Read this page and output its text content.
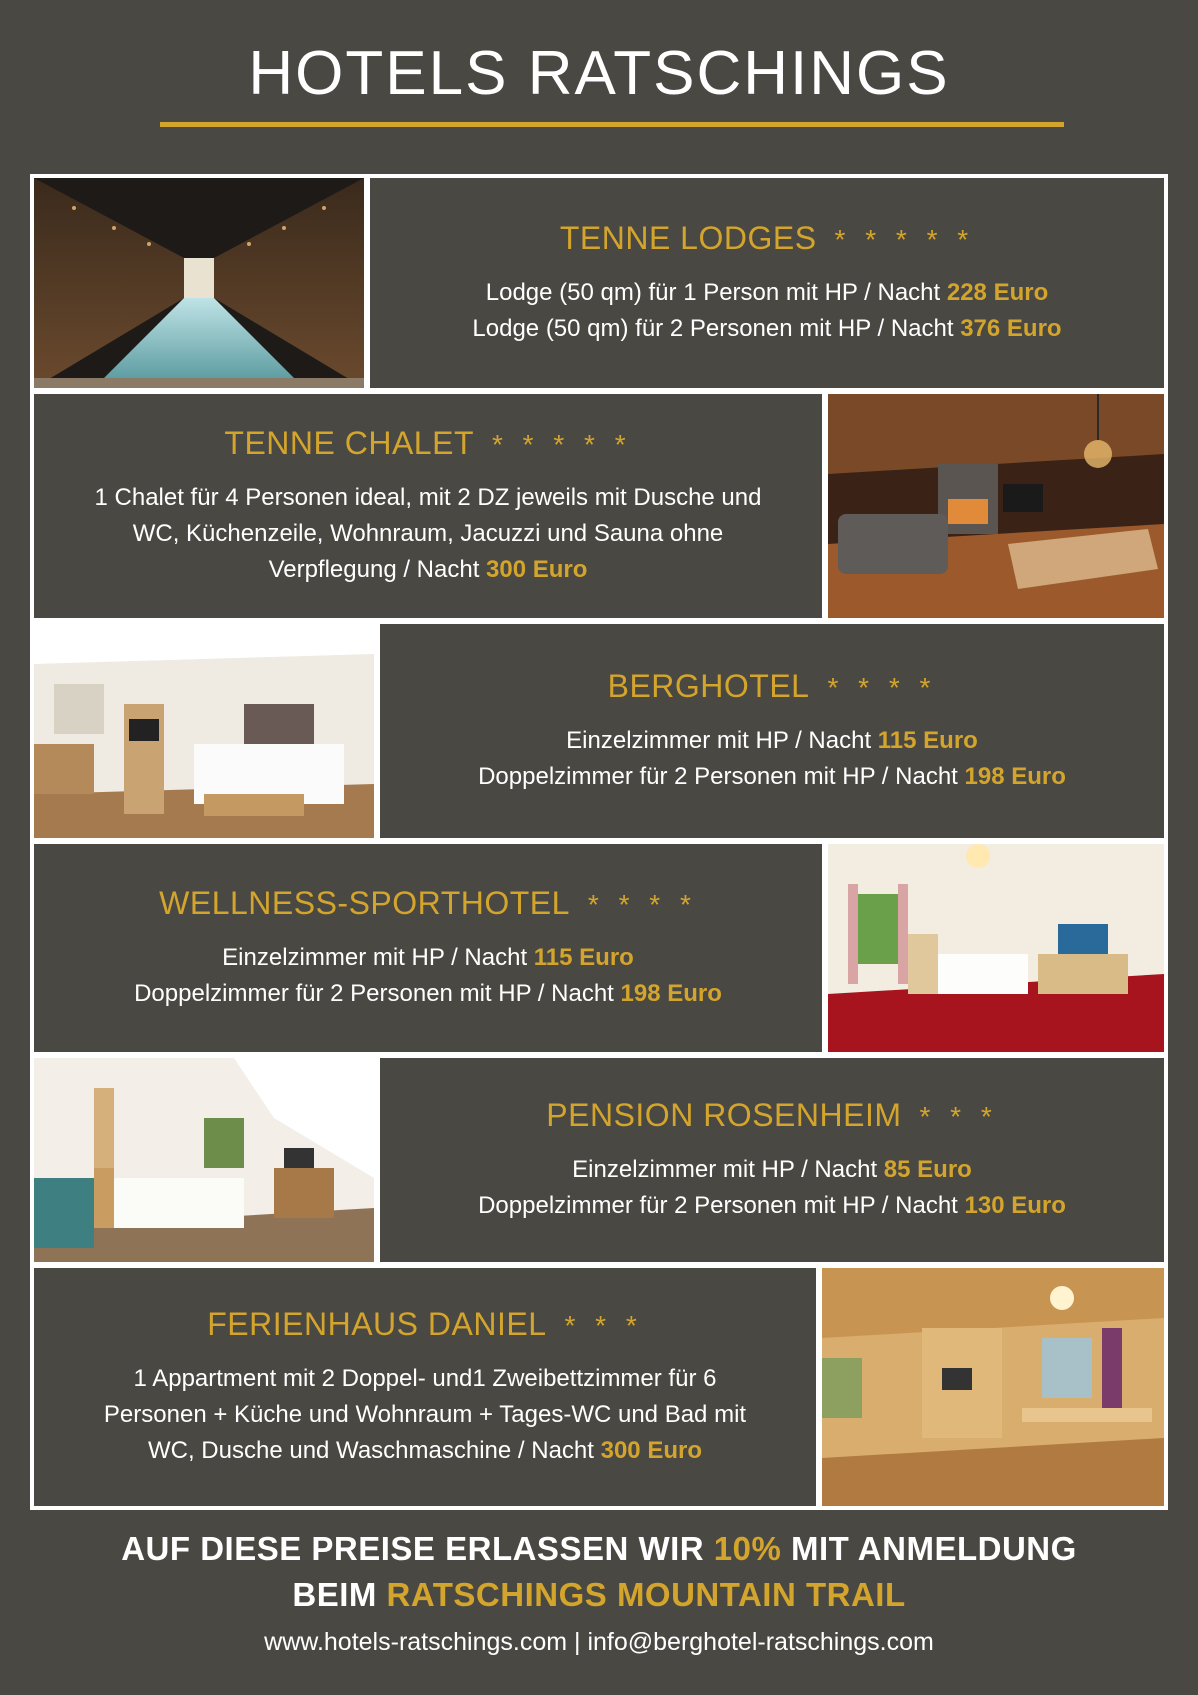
HOTELS RATSCHINGS
TENNE LODGES * * * * *

Lodge (50 qm) für 1 Person mit HP / Nacht 228 Euro

Lodge (50 qm) für 2 Personen mit HP / Nacht 376 Euro

TENNE CHALET * * * * *

1 Chalet für 4 Personen ideal, mit 2 DZ jeweils mit Dusche und

WC, Küchenzeile, Wohnraum, Jacuzzi und Sauna ohne

Verpflegung / Nacht 300 Euro

BERGHOTEL * * * *

Einzelzimmer mit HP / Nacht 115 Euro

Doppelzimmer für 2 Personen mit HP / Nacht 198 Euro

WELLNESS-SPORTHOTEL * * * *

Einzelzimmer mit HP / Nacht 115 Euro

Doppelzimmer für 2 Personen mit HP / Nacht 198 Euro

PENSION ROSENHEIM * * *

Einzelzimmer mit HP / Nacht 85 Euro

Doppelzimmer für 2 Personen mit HP / Nacht 130 Euro

FERIENHAUS DANIEL * * *

1 Appartment mit 2 Doppel- und1 Zweibettzimmer für 6

Personen + Küche und Wohnraum + Tages-WC und Bad mit

WC, Dusche und Waschmaschine / Nacht 300 Euro

AUF DIESE PREISE ERLASSEN WIR 10% MIT ANMELDUNG
BEIM RATSCHINGS MOUNTAIN TRAIL
www.hotels-ratschings.com | info@berghotel-ratschings.com
